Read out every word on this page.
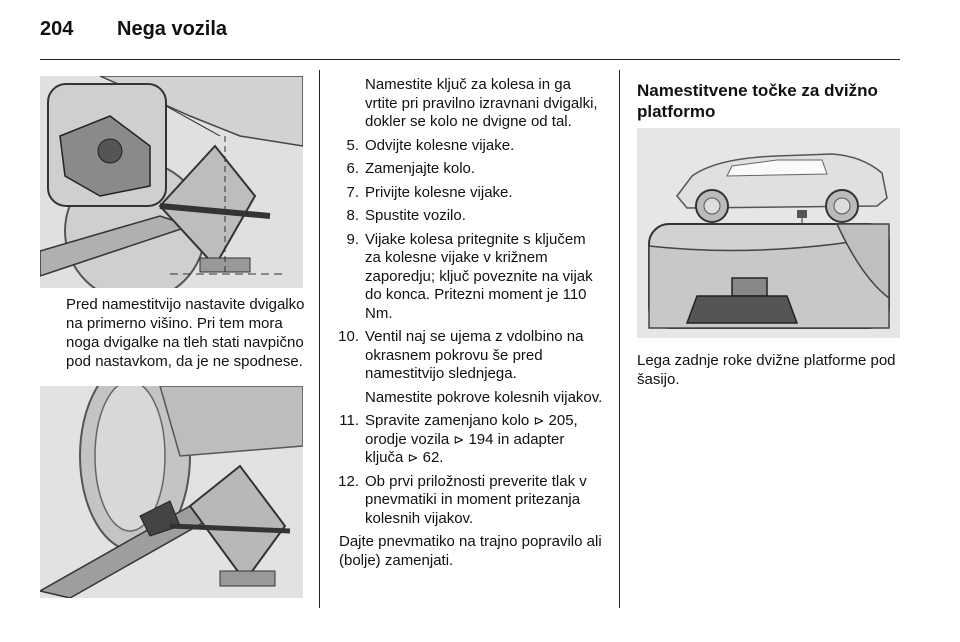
204 Nega vozila

Pred namestitvijo nastavite dvigalko na primerno višino. Pri tem mora noga dvigalke na tleh stati navpično pod nastavkom, da je ne spodnese.

Namestite ključ za kolesa in ga vrtite pri pravilno izravnani dvigalki, dokler se kolo ne dvigne od tal.
5. Odvijte kolesne vijake.
6. Zamenjajte kolo.
7. Privijte kolesne vijake.
8. Spustite vozilo.
9. Vijake kolesa pritegnite s ključem za kolesne vijake v križnem zaporedju; ključ poveznite na vijak do konca. Pritezni moment je 110 Nm.
10. Ventil naj se ujema z vdolbino na okrasnem pokrovu še pred namestitvijo slednjega.
Namestite pokrove kolesnih vijakov.
11. Spravite zamenjano kolo ⊳ 205, orodje vozila ⊳ 194 in adapter ključa ⊳ 62.
12. Ob prvi priložnosti preverite tlak v pnevmatiki in moment pritezanja kolesnih vijakov.
Dajte pnevmatiko na trajno popravilo ali (bolje) zamenjati.
Namestitvene točke za dvižno platformo

Lega zadnje roke dvižne platforme pod šasijo.
